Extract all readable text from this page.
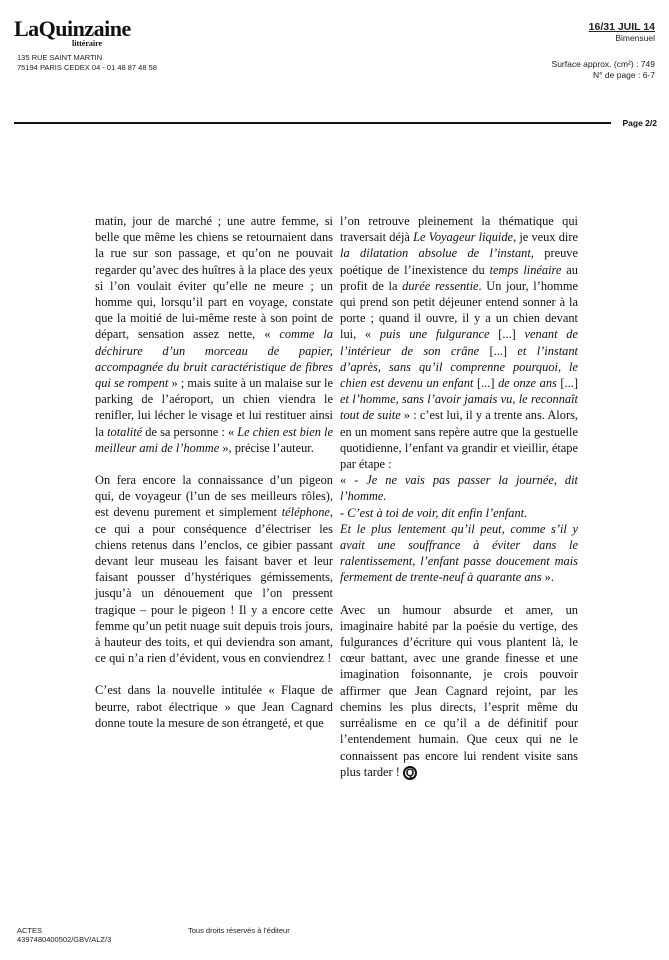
LaQuinzaine
littéraire
135 RUE SAINT MARTIN
75194 PARIS CEDEX 04 - 01 48 87 48 58
16/31 JUIL 14
Bimensuel
Surface approx. (cm²) : 749
N° de page : 6-7
Page 2/2

matin, jour de marché ; une autre femme, si belle que même les chiens se retournaient dans la rue sur son passage, et qu’on ne pouvait regarder qu’avec des huîtres à la place des yeux si l’on voulait éviter qu’elle ne meure ; un homme qui, lorsqu’il part en voyage, constate que la moitié de lui-même reste à son point de départ, sensation assez nette, « comme la déchirure d’un morceau de papier, accompagnée du bruit caractéristique de fibres qui se rompent » ; mais suite à un malaise sur le parking de l’aéroport, un chien viendra le renifler, lui lécher le visage et lui restituer ainsi la totalité de sa personne : « Le chien est bien le meilleur ami de l’homme », précise l’auteur.

On fera encore la connaissance d’un pigeon qui, de voyageur (l’un de ses meilleurs rôles), est devenu purement et simplement téléphone, ce qui a pour conséquence d’électriser les chiens retenus dans l’enclos, ce gibier passant devant leur museau les faisant baver et leur faisant pousser d’hystériques gémissements, jusqu’à un dénouement que l’on pressent tragique – pour le pigeon ! Il y a encore cette femme qu’un petit nuage suit depuis trois jours, à hauteur des toits, et qui deviendra son amant, ce qui n’a rien d’évident, vous en conviendrez !

C’est dans la nouvelle intitulée « Flaque de beurre, rabot électrique » que Jean Cagnard donne toute la mesure de son étrangeté, et que

l’on retrouve pleinement la thématique qui traversait déjà Le Voyageur liquide, je veux dire la dilatation absolue de l’instant, preuve poétique de l’inexistence du temps linéaire au profit de la durée ressentie. Un jour, l’homme qui prend son petit déjeuner entend sonner à la porte ; quand il ouvre, il y a un chien devant lui, « puis une fulgurance [...] venant de l’intérieur de son crâne [...] et l’instant d’après, sans qu’il comprenne pourquoi, le chien est devenu un enfant [...] de onze ans [...] et l’homme, sans l’avoir jamais vu, le reconnaît tout de suite » : c’est lui, il y a trente ans. Alors, en un moment sans repère autre que la gestuelle quotidienne, l’enfant va grandir et vieillir, étape par étape :

« - Je ne vais pas passer la journée, dit l’homme.

- C’est à toi de voir, dit enfin l’enfant.

Et le plus lentement qu’il peut, comme s’il y avait une souffrance à éviter dans le ralentissement, l’enfant passe doucement mais fermement de trente-neuf à quarante ans ».

Avec un humour absurde et amer, un imaginaire habité par la poésie du vertige, des fulgurances d’écriture qui vous plantent là, le cœur battant, avec une grande finesse et une imagination foisonnante, je crois pouvoir affirmer que Jean Cagnard rejoint, par les chemins les plus directs, l’esprit même du surréalisme en ce qu’il a de définitif pour l’entendement humain. Que ceux qui ne le connaissent pas encore lui rendent visite sans plus tarder ! Q

ACTES
4397480400502/GBV/ALZ/3
Tous droits réservés à l’éditeur
